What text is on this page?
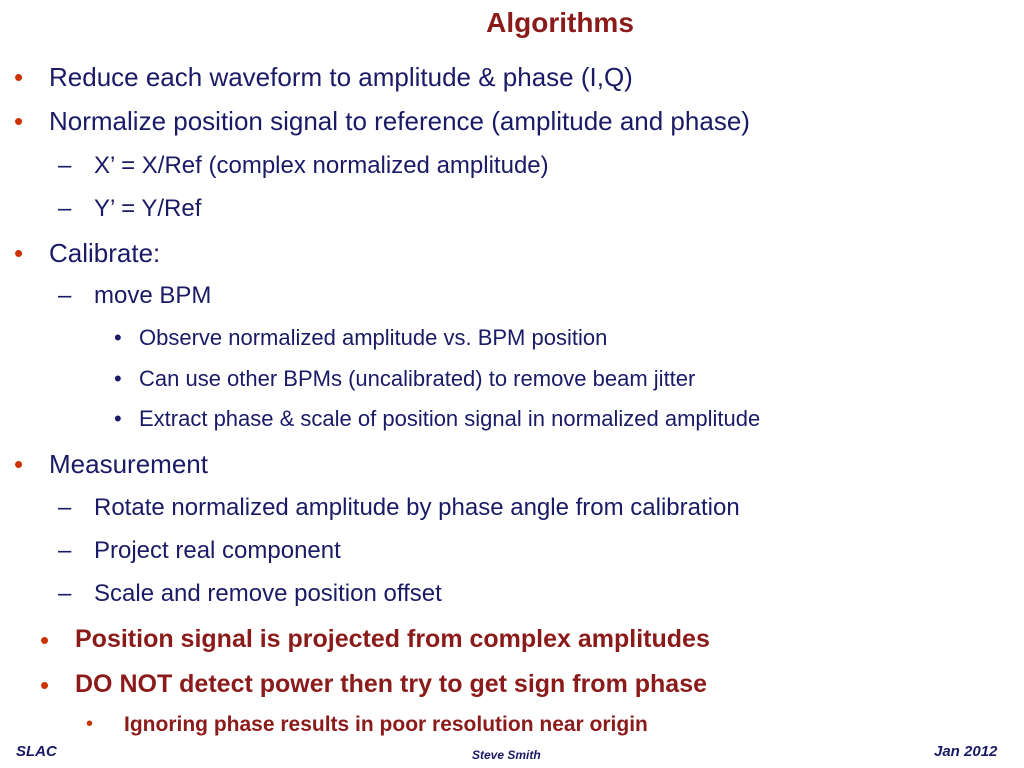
Algorithms
• Reduce each waveform to amplitude & phase (I,Q)
• Normalize position signal to reference (amplitude and phase)
– X’ = X/Ref (complex normalized amplitude)
– Y’ = Y/Ref
• Calibrate:
– move BPM
• Observe normalized amplitude vs. BPM position
• Can use other BPMs (uncalibrated) to remove beam jitter
• Extract phase & scale of position signal in normalized amplitude
• Measurement
– Rotate normalized amplitude by phase angle from calibration
– Project real component
– Scale and remove position offset
• Position signal is projected from complex amplitudes
• DO NOT detect power then try to get sign from phase
• Ignoring phase results in poor resolution near origin
SLAC	Steve Smith	Jan 2012
